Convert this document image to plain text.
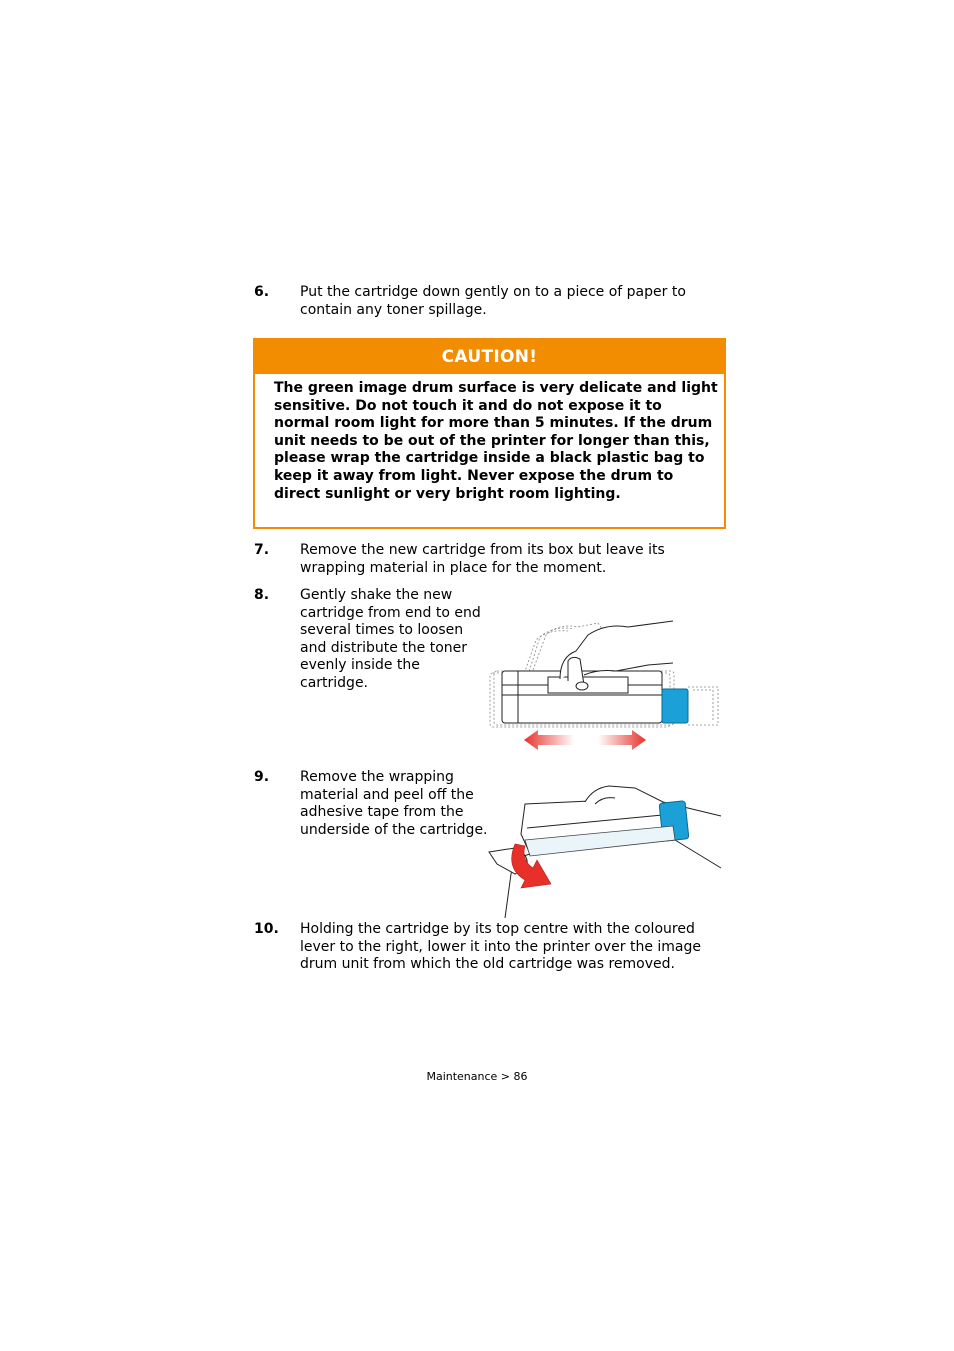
6.	Put the cartridge down gently on to a piece of paper to contain any toner spillage.
CAUTION!
The green image drum surface is very delicate and light sensitive. Do not touch it and do not expose it to normal room light for more than 5 minutes. If the drum unit needs to be out of the printer for longer than this, please wrap the cartridge inside a black plastic bag to keep it away from light. Never expose the drum to direct sunlight or very bright room lighting.
7.	Remove the new cartridge from its box but leave its wrapping material in place for the moment.
8.	Gently shake the new cartridge from end to end several times to loosen and distribute the toner evenly inside the cartridge.
9.	Remove the wrapping material and peel off the adhesive tape from the underside of the cartridge.
10.	Holding the cartridge by its top centre with the coloured lever to the right, lower it into the printer over the image drum unit from which the old cartridge was removed.
Maintenance > 86
